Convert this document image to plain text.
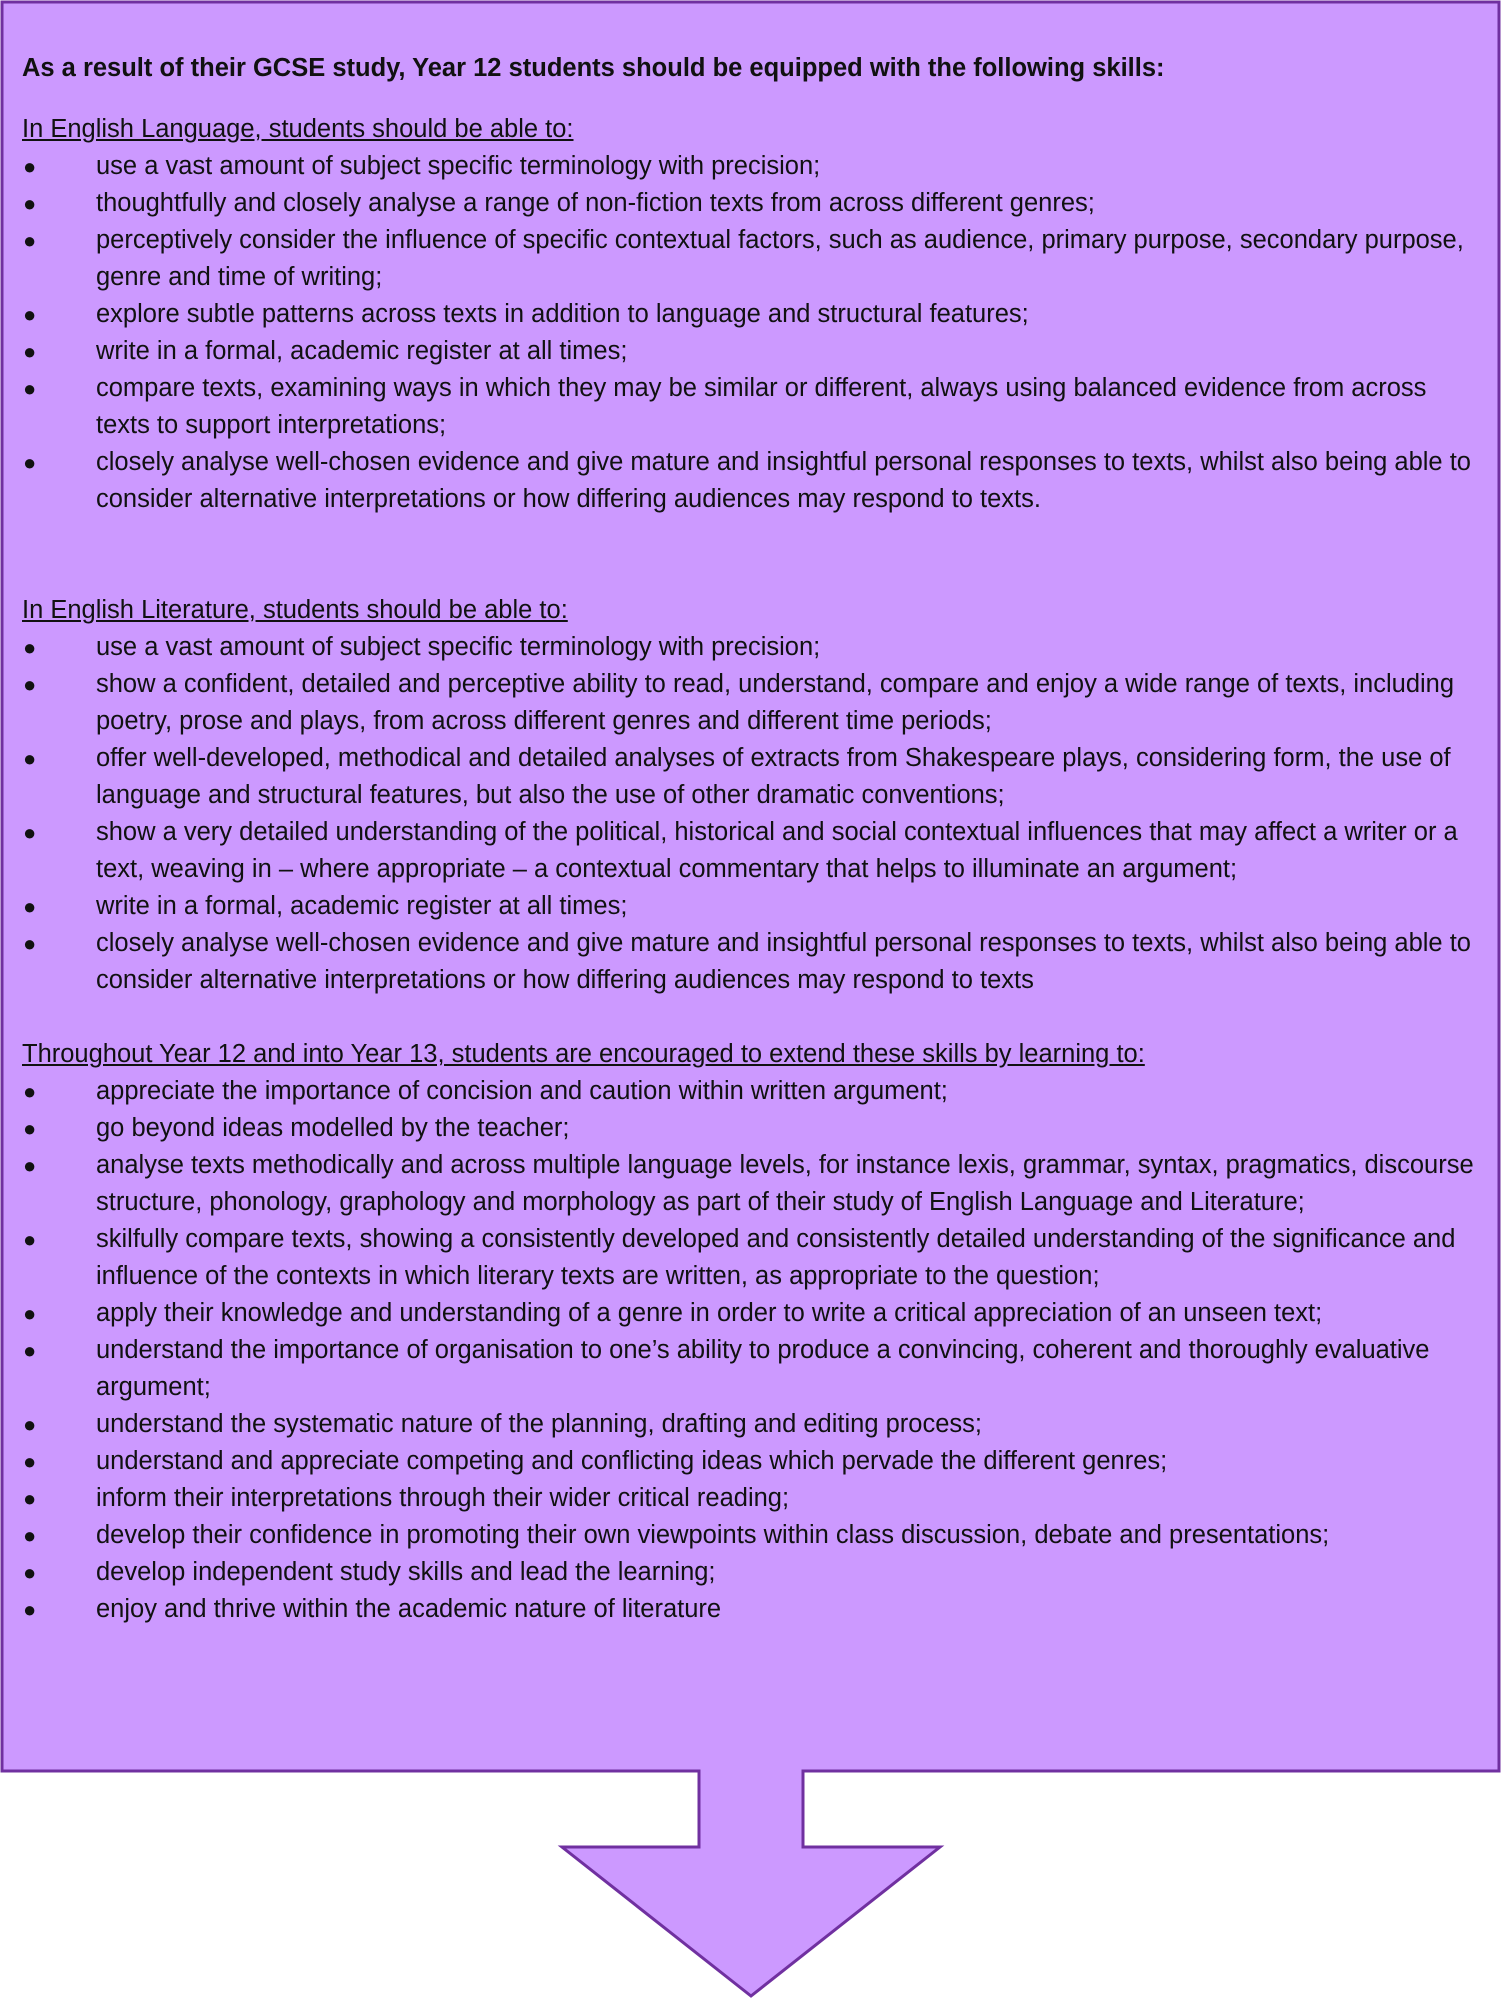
As a result of their GCSE study, Year 12 students should be equipped with the following skills:

In English Language, students should be able to:

● use a vast amount of subject specific terminology with precision;
● thoughtfully and closely analyse a range of non-fiction texts from across different genres;
● perceptively consider the influence of specific contextual factors, such as audience, primary purpose, secondary purpose, genre and time of writing;
● explore subtle patterns across texts in addition to language and structural features;
● write in a formal, academic register at all times;
● compare texts, examining ways in which they may be similar or different, always using balanced evidence from across texts to support interpretations;
● closely analyse well-chosen evidence and give mature and insightful personal responses to texts, whilst also being able to consider alternative interpretations or how differing audiences may respond to texts.

In English Literature, students should be able to:

● use a vast amount of subject specific terminology with precision;
● show a confident, detailed and perceptive ability to read, understand, compare and enjoy a wide range of texts, including poetry, prose and plays, from across different genres and different time periods;
● offer well-developed, methodical and detailed analyses of extracts from Shakespeare plays, considering form, the use of language and structural features, but also the use of other dramatic conventions;
● show a very detailed understanding of the political, historical and social contextual influences that may affect a writer or a text, weaving in – where appropriate – a contextual commentary that helps to illuminate an argument;
● write in a formal, academic register at all times;
● closely analyse well-chosen evidence and give mature and insightful personal responses to texts, whilst also being able to consider alternative interpretations or how differing audiences may respond to texts

Throughout Year 12 and into Year 13, students are encouraged to extend these skills by learning to:

● appreciate the importance of concision and caution within written argument;
● go beyond ideas modelled by the teacher;
● analyse texts methodically and across multiple language levels, for instance lexis, grammar, syntax, pragmatics, discourse structure, phonology, graphology and morphology as part of their study of English Language and Literature;
● skilfully compare texts, showing a consistently developed and consistently detailed understanding of the significance and influence of the contexts in which literary texts are written, as appropriate to the question;
● apply their knowledge and understanding of a genre in order to write a critical appreciation of an unseen text;
● understand the importance of organisation to one’s ability to produce a convincing, coherent and thoroughly evaluative argument;
● understand the systematic nature of the planning, drafting and editing process;
● understand and appreciate competing and conflicting ideas which pervade the different genres;
● inform their interpretations through their wider critical reading;
● develop their confidence in promoting their own viewpoints within class discussion, debate and presentations;
● develop independent study skills and lead the learning;
● enjoy and thrive within the academic nature of literature
